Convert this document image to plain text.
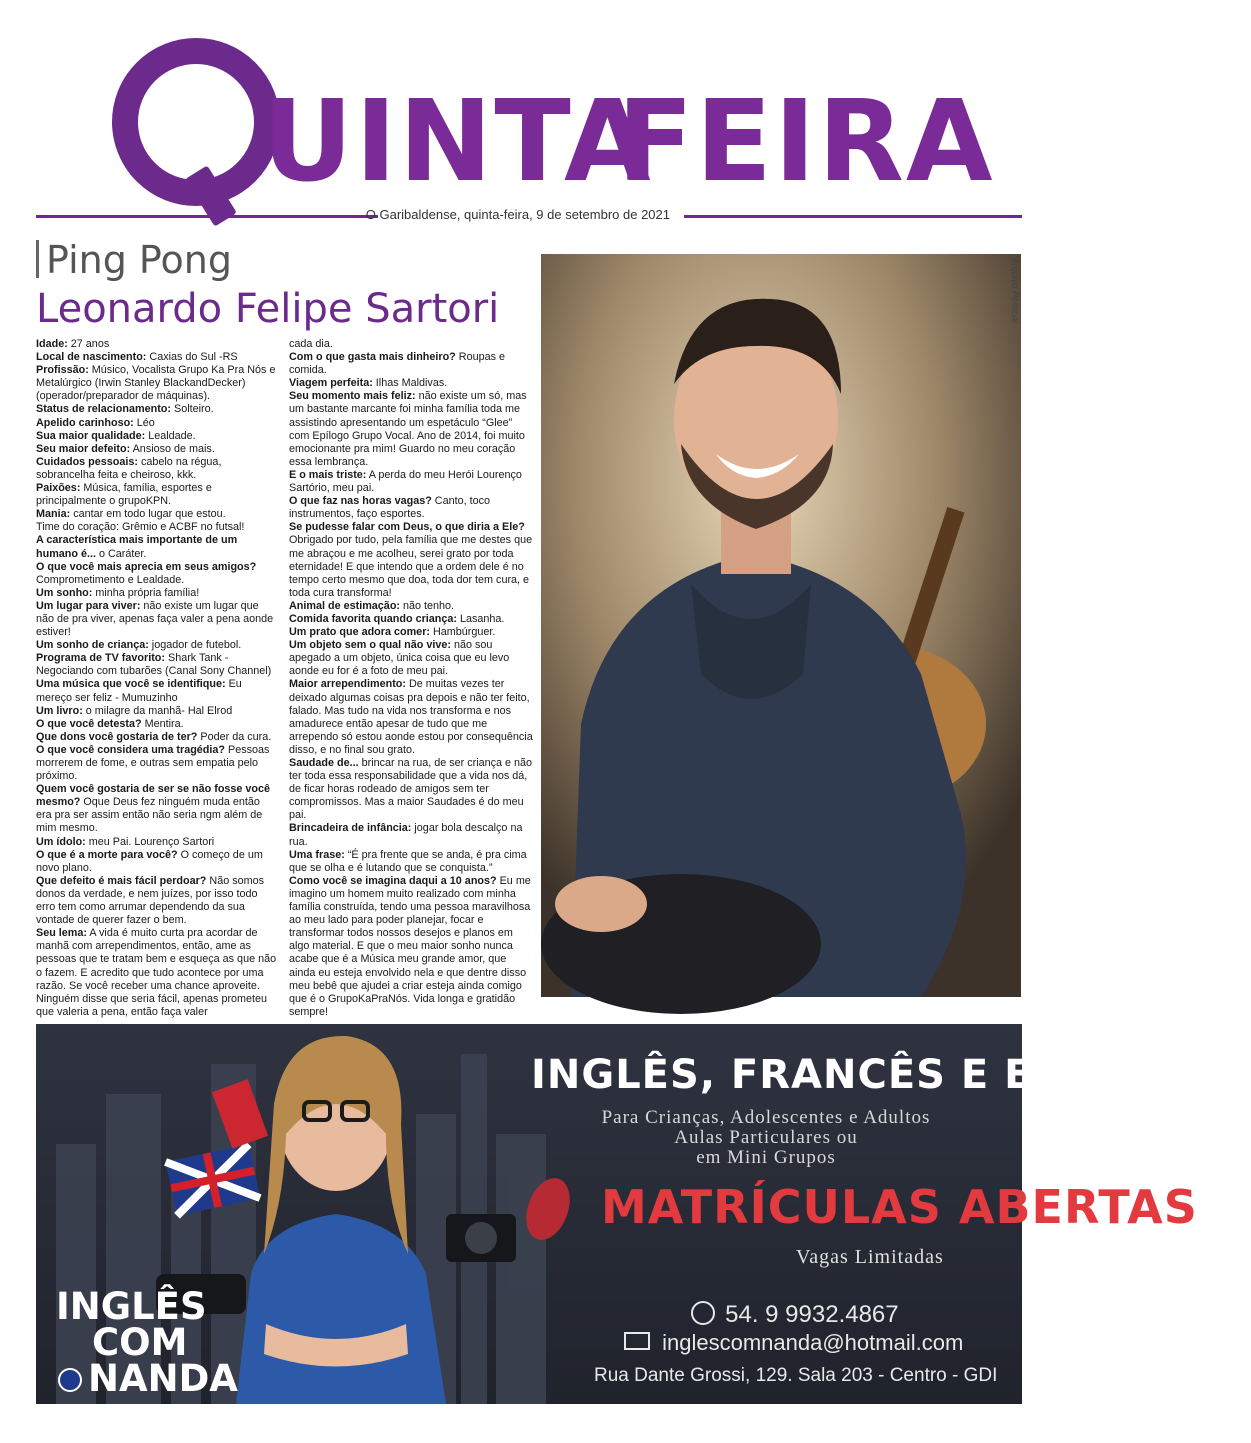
UINTA
FEIRA
O Garibaldense, quinta-feira, 9 de setembro de 2021
Ping Pong
Leonardo Felipe Sartori

Idade: 27 anos

Local de nascimento: Caxias do Sul -RS

Profissão: Músico, Vocalista Grupo Ka Pra Nós e Metalúrgico (Irwin Stanley BlackandDecker) (operador/preparador de máquinas).

Status de relacionamento: Solteiro.

Apelido carinhoso: Léo

Sua maior qualidade: Lealdade.

Seu maior defeito: Ansioso de mais.

Cuidados pessoais: cabelo na régua, sobrancelha feita e cheiroso, kkk.

Paixões: Música, família, esportes e principalmente o grupoKPN.

Mania: cantar em todo lugar que estou.

Time do coração: Grêmio e ACBF no futsal!

A característica mais importante de um humano é... o Caráter.

O que você mais aprecia em seus amigos? Comprometimento e Lealdade.

Um sonho: minha própria família!

Um lugar para viver: não existe um lugar que não de pra viver, apenas faça valer a pena aonde estiver!

Um sonho de criança: jogador de futebol.

Programa de TV favorito: Shark Tank - Negociando com tubarões (Canal Sony Channel)

Uma música que você se identifique: Eu mereço ser feliz - Mumuzinho

Um livro: o milagre da manhã- Hal Elrod

O que você detesta? Mentira.

Que dons você gostaria de ter? Poder da cura.

O que você considera uma tragédia? Pessoas morrerem de fome, e outras sem empatia pelo próximo.

Quem você gostaria de ser se não fosse você mesmo? Oque Deus fez ninguém muda então era pra ser assim então não seria ngm além de mim mesmo.

Um ídolo: meu Pai. Lourenço Sartori

O que é a morte para você? O começo de um novo plano.

Que defeito é mais fácil perdoar? Não somos donos da verdade, e nem juízes, por isso todo erro tem como arrumar dependendo da sua vontade de querer fazer o bem.

Seu lema: A vida é muito curta pra acordar de manhã com arrependimentos, então, ame as pessoas que te tratam bem e esqueça as que não o fazem. E acredito que tudo acontece por uma razão. Se você receber uma chance aproveite. Ninguém disse que seria fácil, apenas prometeu que valeria a pena, então faça valer

cada dia.

Com o que gasta mais dinheiro? Roupas e comida.

Viagem perfeita: Ilhas Maldivas.

Seu momento mais feliz: não existe um só, mas um bastante marcante foi minha família toda me assistindo apresentando um espetáculo “Glee” com Epílogo Grupo Vocal. Ano de 2014, foi muito emocionante pra mim! Guardo no meu coração essa lembrança.

E o mais triste: A perda do meu Herói Lourenço Sartório, meu pai.

O que faz nas horas vagas? Canto, toco instrumentos, faço esportes.

Se pudesse falar com Deus, o que diria a Ele? Obrigado por tudo, pela família que me destes que me abraçou e me acolheu, serei grato por toda eternidade! E que intendo que a ordem dele é no tempo certo mesmo que doa, toda dor tem cura, e toda cura transforma!

Animal de estimação: não tenho.

Comida favorita quando criança: Lasanha.

Um prato que adora comer: Hambúrguer.

Um objeto sem o qual não vive: não sou apegado a um objeto, única coisa que eu levo aonde eu for é a foto de meu pai.

Maior arrependimento: De muitas vezes ter deixado algumas coisas pra depois e não ter feito, falado. Mas tudo na vida nos transforma e nos amadurece então apesar de tudo que me arrependo só estou aonde estou por consequência disso, e no final sou grato.

Saudade de... brincar na rua, de ser criança e não ter toda essa responsabilidade que a vida nos dá, de ficar horas rodeado de amigos sem ter compromissos. Mas a maior Saudades é do meu pai.

Brincadeira de infância: jogar bola descalço na rua.

Uma frase: “É pra frente que se anda, é pra cima que se olha e é lutando que se conquista.”

Como você se imagina daqui a 10 anos? Eu me imagino um homem muito realizado com minha família construída, tendo uma pessoa maravilhosa ao meu lado para poder planejar, focar e transformar todos nossos desejos e planos em algo material. E que o meu maior sonho nunca acabe que é a Música meu grande amor, que ainda eu esteja envolvido nela e que dentre disso meu bebê que ajudei a criar esteja ainda comigo que é o GrupoKaPraNós. Vida longa e gratidão sempre!

Arquivo Pessoal
INGLÊS, FRANCÊS E ESPANHOL
Para Crianças, Adolescentes e Adultos
Aulas Particulares ou
em Mini Grupos
MATRÍCULAS ABERTAS
Vagas Limitadas
54. 9 9932.4867
inglescomnanda@hotmail.com
Rua Dante Grossi, 129. Sala 203 - Centro - GDI
INGLÊS
COM
NANDA
